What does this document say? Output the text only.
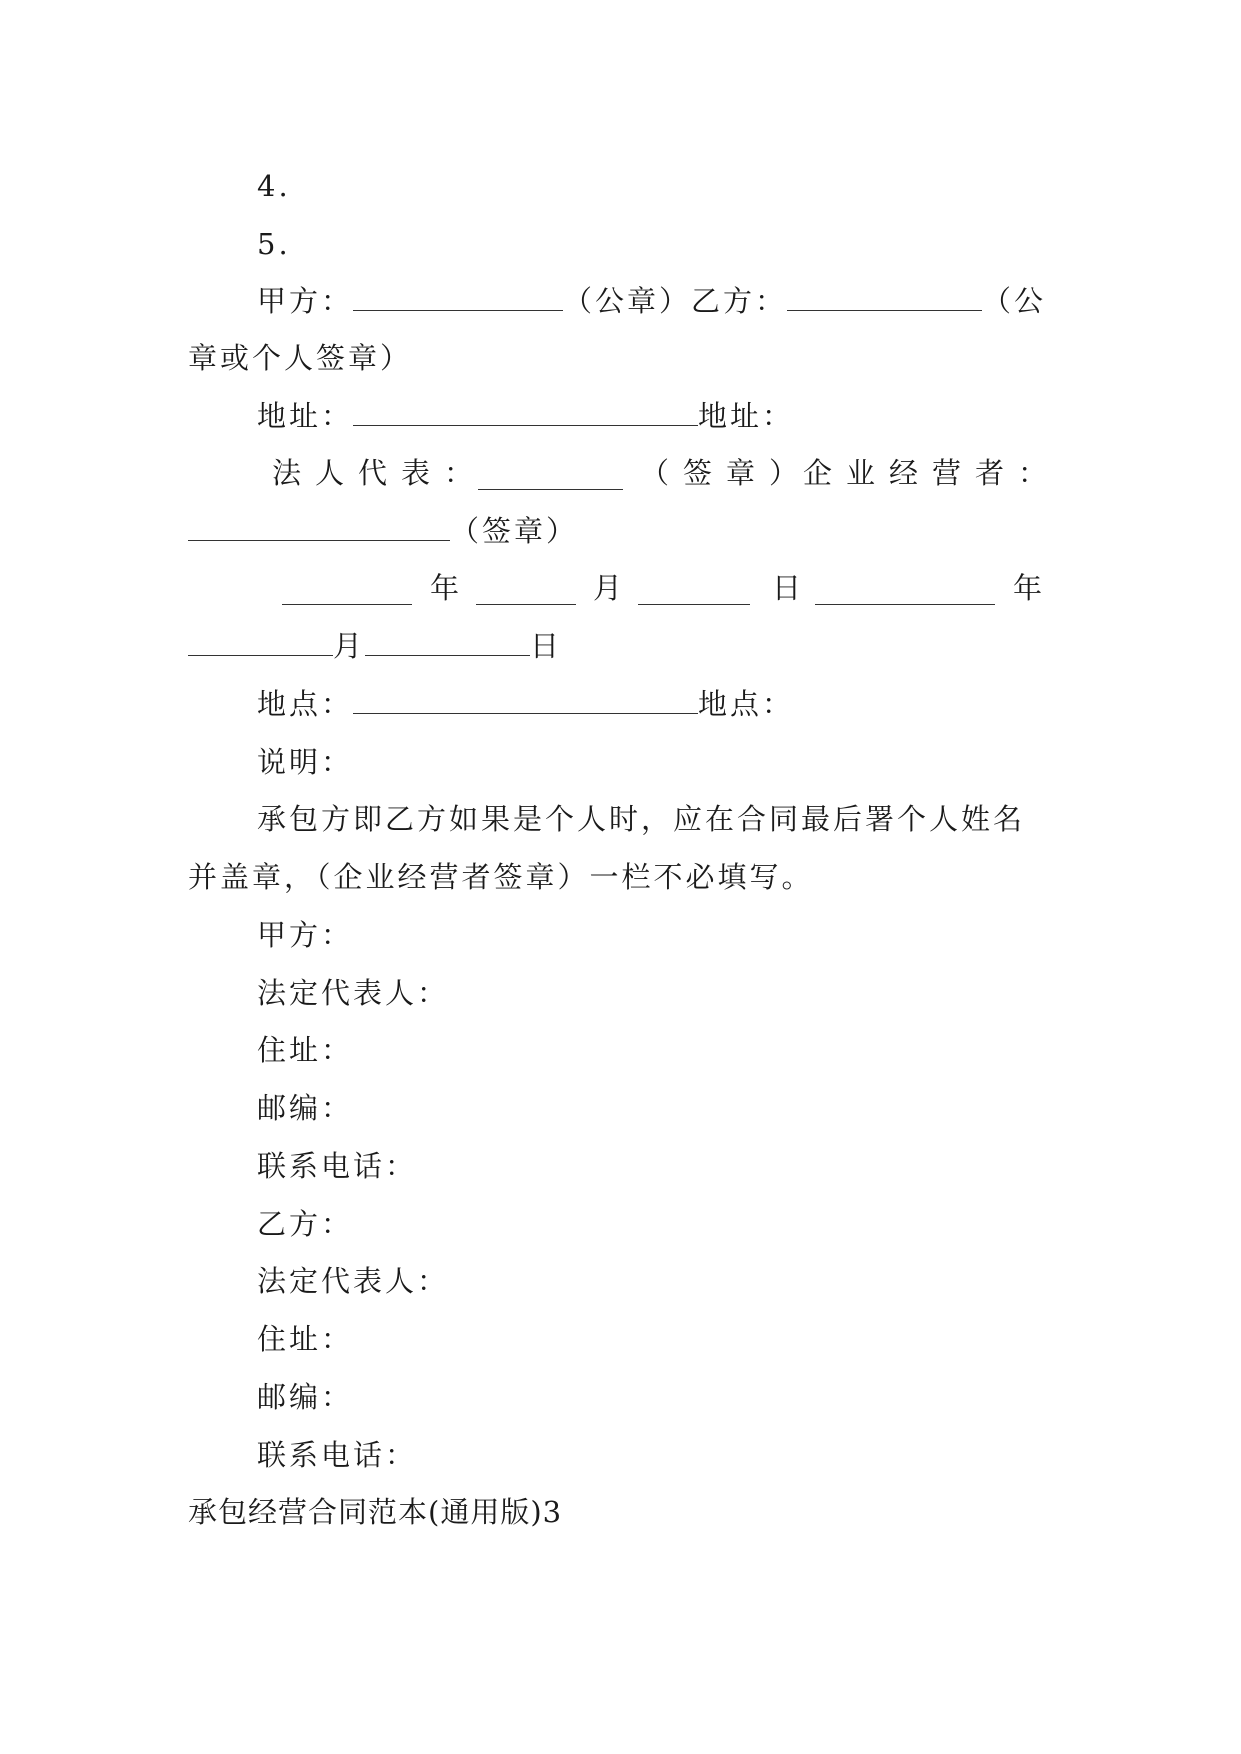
4.
5.
甲方：	（公章）乙方：	（公
章或个人签章）
地址：	地址：
法人代表：	（签章）
企业经营者：
（签章）
年	月	日	年
月	日
地点：	地点：
说明：
承包方即乙方如果是个人时，应在合同最后署个人姓名
并盖章，（企业经营者签章）一栏不必填写。
甲方：
法定代表人：
住址：
邮编：
联系电话：
乙方：
法定代表人：
住址：
邮编：
联系电话：
承包经营合同范本(通用版)3
